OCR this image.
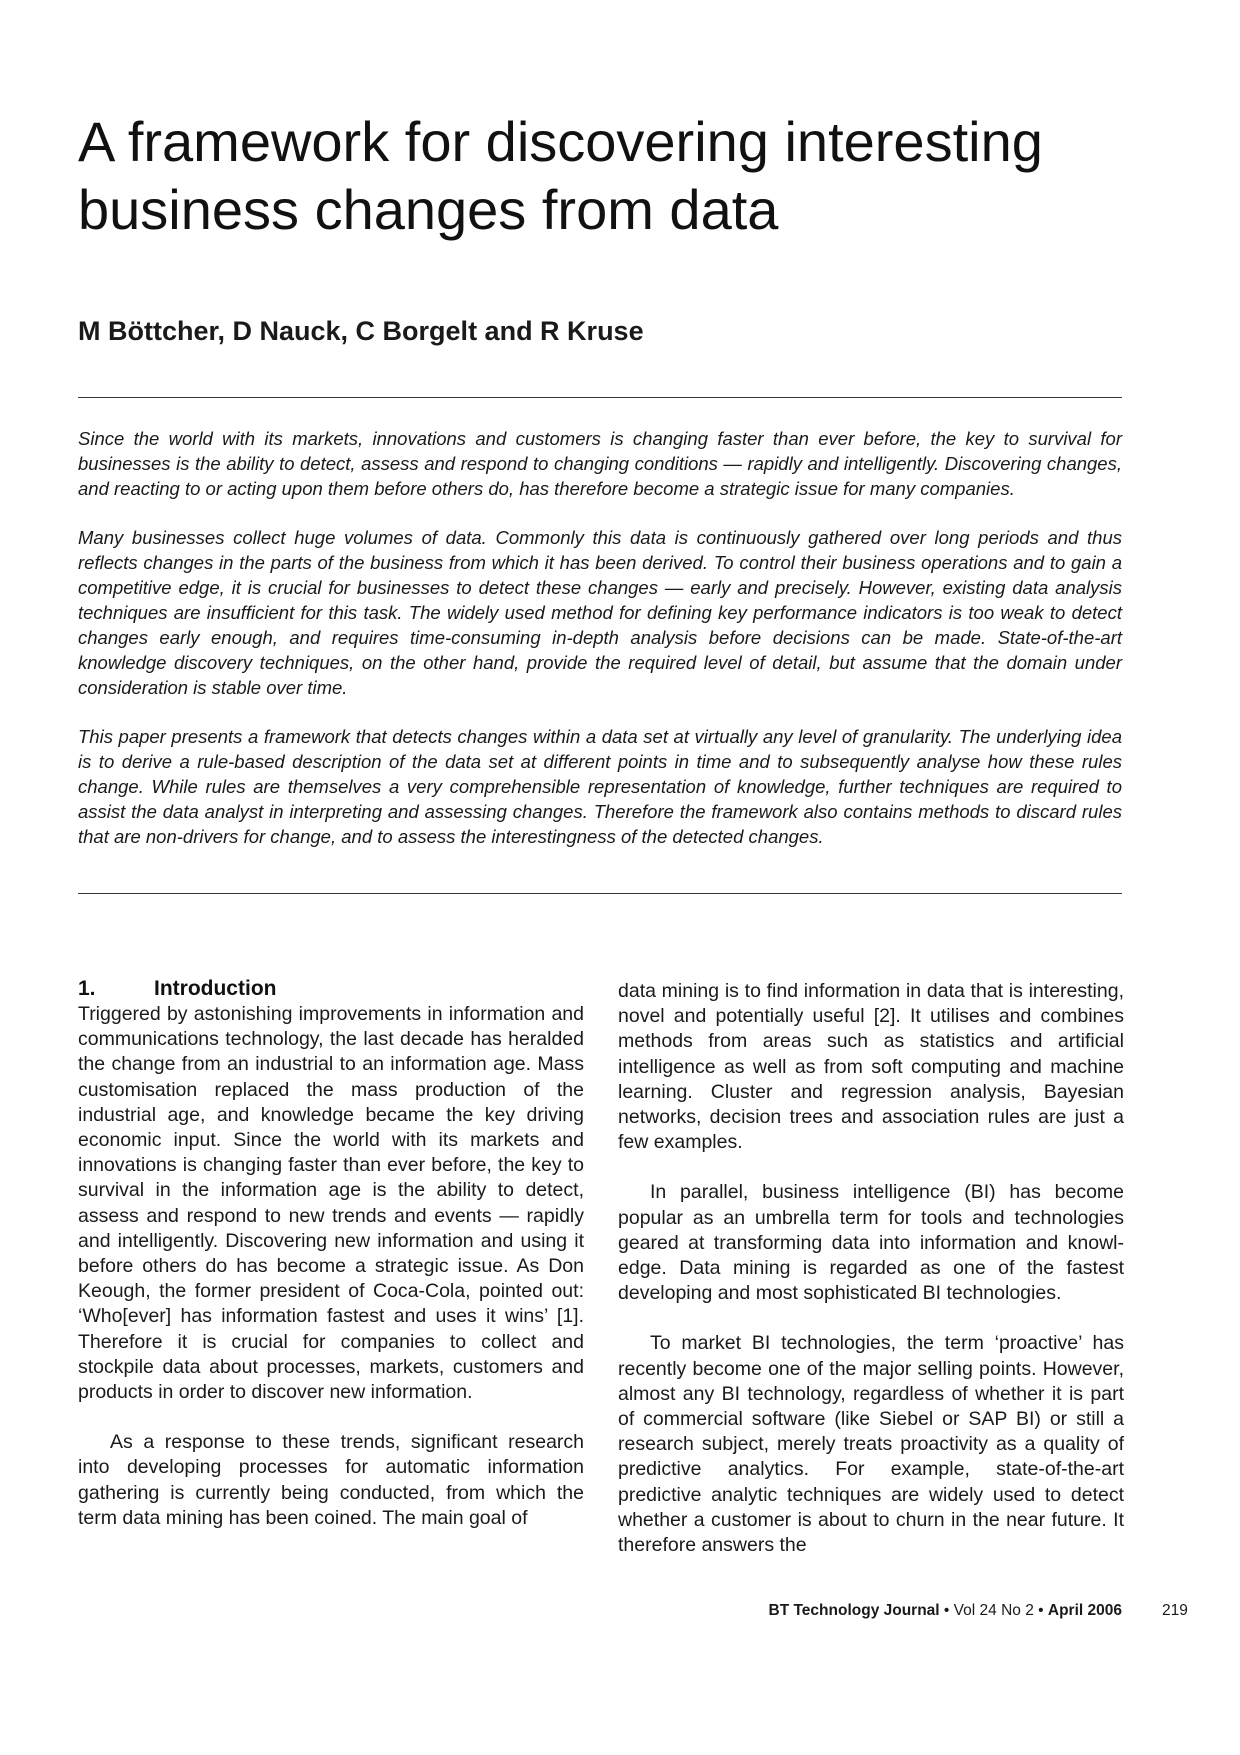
A framework for discovering interesting business changes from data
M Böttcher, D Nauck, C Borgelt and R Kruse

Since the world with its markets, innovations and customers is changing faster than ever before, the key to survival for businesses is the ability to detect, assess and respond to changing conditions — rapidly and intelligently. Discovering changes, and reacting to or acting upon them before others do, has therefore become a strategic issue for many companies.

Many businesses collect huge volumes of data. Commonly this data is continuously gathered over long periods and thus reflects changes in the parts of the business from which it has been derived. To control their business operations and to gain a competitive edge, it is crucial for businesses to detect these changes — early and precisely. However, existing data analysis techniques are insufficient for this task. The widely used method for defining key performance indicators is too weak to detect changes early enough, and requires time-consuming in-depth analysis before decisions can be made. State-of-the-art knowledge discovery techniques, on the other hand, provide the required level of detail, but assume that the domain under consideration is stable over time.

This paper presents a framework that detects changes within a data set at virtually any level of granularity. The underlying idea is to derive a rule-based description of the data set at different points in time and to subsequently analyse how these rules change. While rules are themselves a very comprehensible representation of knowledge, further techniques are required to assist the data analyst in interpreting and assessing changes. Therefore the framework also contains methods to discard rules that are non-drivers for change, and to assess the interestingness of the detected changes.

1.	Introduction

Triggered by astonishing improvements in information and communications technology, the last decade has heralded the change from an industrial to an information age. Mass customisation replaced the mass production of the industrial age, and knowledge became the key driving economic input. Since the world with its markets and innovations is changing faster than ever before, the key to survival in the information age is the ability to detect, assess and respond to new trends and events — rapidly and intelligently. Discovering new information and using it before others do has become a strategic issue. As Don Keough, the former president of Coca-Cola, pointed out: ‘Who[ever] has information fastest and uses it wins’ [1]. Therefore it is crucial for companies to collect and stockpile data about processes, markets, customers and products in order to discover new information.

As a response to these trends, significant research into developing processes for automatic information gathering is currently being conducted, from which the term data mining has been coined. The main goal of

data mining is to find information in data that is interesting, novel and potentially useful [2]. It utilises and combines methods from areas such as statistics and artificial intelligence as well as from soft computing and machine learning. Cluster and regression analysis, Bayesian networks, decision trees and association rules are just a few examples.

In parallel, business intelligence (BI) has become popular as an umbrella term for tools and technologies geared at transforming data into information and knowl-edge. Data mining is regarded as one of the fastest developing and most sophisticated BI technologies.

To market BI technologies, the term ‘proactive’ has recently become one of the major selling points. However, almost any BI technology, regardless of whether it is part of commercial software (like Siebel or SAP BI) or still a research subject, merely treats proactivity as a quality of predictive analytics. For example, state-of-the-art predictive analytic techniques are widely used to detect whether a customer is about to churn in the near future. It therefore answers the

BT Technology Journal • Vol 24 No 2 • April 2006	219
